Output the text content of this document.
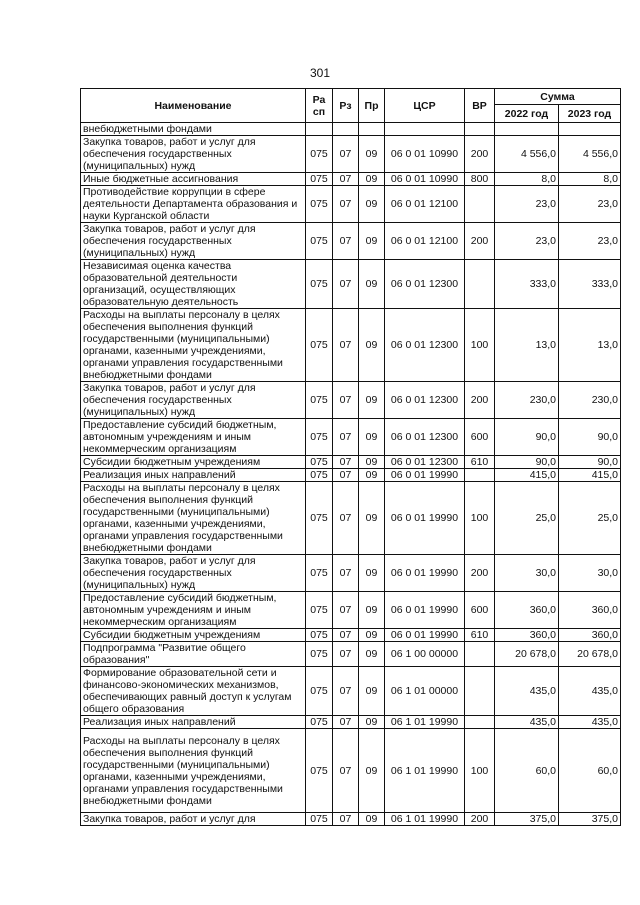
301
Наименование	Ра сп	Рз	Пр	ЦСР	ВР	Сумма	
						2022 год	2023 год
внебюджетными фондами							
Закупка товаров, работ и услуг для обеспечения государственных (муниципальных) нужд	075	07	09	06 0 01 10990	200	4 556,0	4 556,0
Иные бюджетные ассигнования	075	07	09	06 0 01 10990	800	8,0	8,0
Противодействие коррупции в сфере деятельности Департамента образования и науки Курганской области	075	07	09	06 0 01 12100		23,0	23,0
Закупка товаров, работ и услуг для обеспечения государственных (муниципальных) нужд	075	07	09	06 0 01 12100	200	23,0	23,0
Независимая оценка качества образовательной деятельности организаций, осуществляющих образовательную деятельность	075	07	09	06 0 01 12300		333,0	333,0
Расходы на выплаты персоналу в целях обеспечения выполнения функций государственными (муниципальными) органами, казенными учреждениями, органами управления государственными внебюджетными фондами	075	07	09	06 0 01 12300	100	13,0	13,0
Закупка товаров, работ и услуг для обеспечения государственных (муниципальных) нужд	075	07	09	06 0 01 12300	200	230,0	230,0
Предоставление субсидий бюджетным, автономным учреждениям и иным некоммерческим организациям	075	07	09	06 0 01 12300	600	90,0	90,0
Субсидии бюджетным учреждениям	075	07	09	06 0 01 12300	610	90,0	90,0
Реализация иных направлений	075	07	09	06 0 01 19990		415,0	415,0
Расходы на выплаты персоналу в целях обеспечения выполнения функций государственными (муниципальными) органами, казенными учреждениями, органами управления государственными внебюджетными фондами	075	07	09	06 0 01 19990	100	25,0	25,0
Закупка товаров, работ и услуг для обеспечения государственных (муниципальных) нужд	075	07	09	06 0 01 19990	200	30,0	30,0
Предоставление субсидий бюджетным, автономным учреждениям и иным некоммерческим организациям	075	07	09	06 0 01 19990	600	360,0	360,0
Субсидии бюджетным учреждениям	075	07	09	06 0 01 19990	610	360,0	360,0
Подпрограмма "Развитие общего образования"	075	07	09	06 1 00 00000		20 678,0	20 678,0
Формирование образовательной сети и финансово-экономических механизмов, обеспечивающих равный доступ к услугам общего образования	075	07	09	06 1 01 00000		435,0	435,0
Реализация иных направлений	075	07	09	06 1 01 19990		435,0	435,0
Расходы на выплаты персоналу в целях обеспечения выполнения функций государственными (муниципальными) органами, казенными учреждениями, органами управления государственными внебюджетными фондами	075	07	09	06 1 01 19990	100	60,0	60,0
Закупка товаров, работ и услуг для	075	07	09	06 1 01 19990	200	375,0	375,0
